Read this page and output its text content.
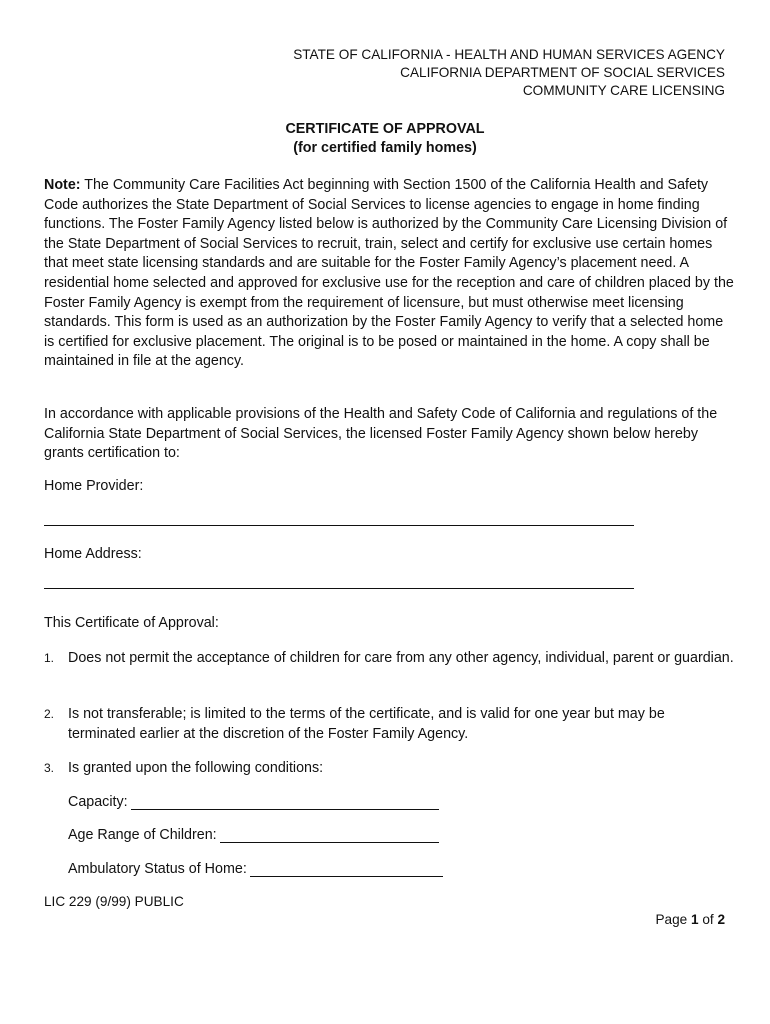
STATE OF CALIFORNIA - HEALTH AND HUMAN SERVICES AGENCY
CALIFORNIA DEPARTMENT OF SOCIAL SERVICES
COMMUNITY CARE LICENSING
CERTIFICATE OF APPROVAL
(for certified family homes)
Note: The Community Care Facilities Act beginning with Section 1500 of the California Health and Safety Code authorizes the State Department of Social Services to license agencies to engage in home finding functions. The Foster Family Agency listed below is authorized by the Community Care Licensing Division of the State Department of Social Services to recruit, train, select and certify for exclusive use certain homes that meet state licensing standards and are suitable for the Foster Family Agency’s placement need. A residential home selected and approved for exclusive use for the reception and care of children placed by the Foster Family Agency is exempt from the requirement of licensure, but must otherwise meet licensing standards. This form is used as an authorization by the Foster Family Agency to verify that a selected home is certified for exclusive placement. The original is to be posed or maintained in the home. A copy shall be maintained in file at the agency.
In accordance with applicable provisions of the Health and Safety Code of California and regulations of the California State Department of Social Services, the licensed Foster Family Agency shown below hereby grants certification to:
Home Provider:
Home Address:
This Certificate of Approval:
1. Does not permit the acceptance of children for care from any other agency, individual, parent or guardian.
2. Is not transferable; is limited to the terms of the certificate, and is valid for one year but may be terminated earlier at the discretion of the Foster Family Agency.
3. Is granted upon the following conditions:
Capacity:
Age Range of Children:
Ambulatory Status of Home:
LIC 229 (9/99) PUBLIC
Page 1 of 2
